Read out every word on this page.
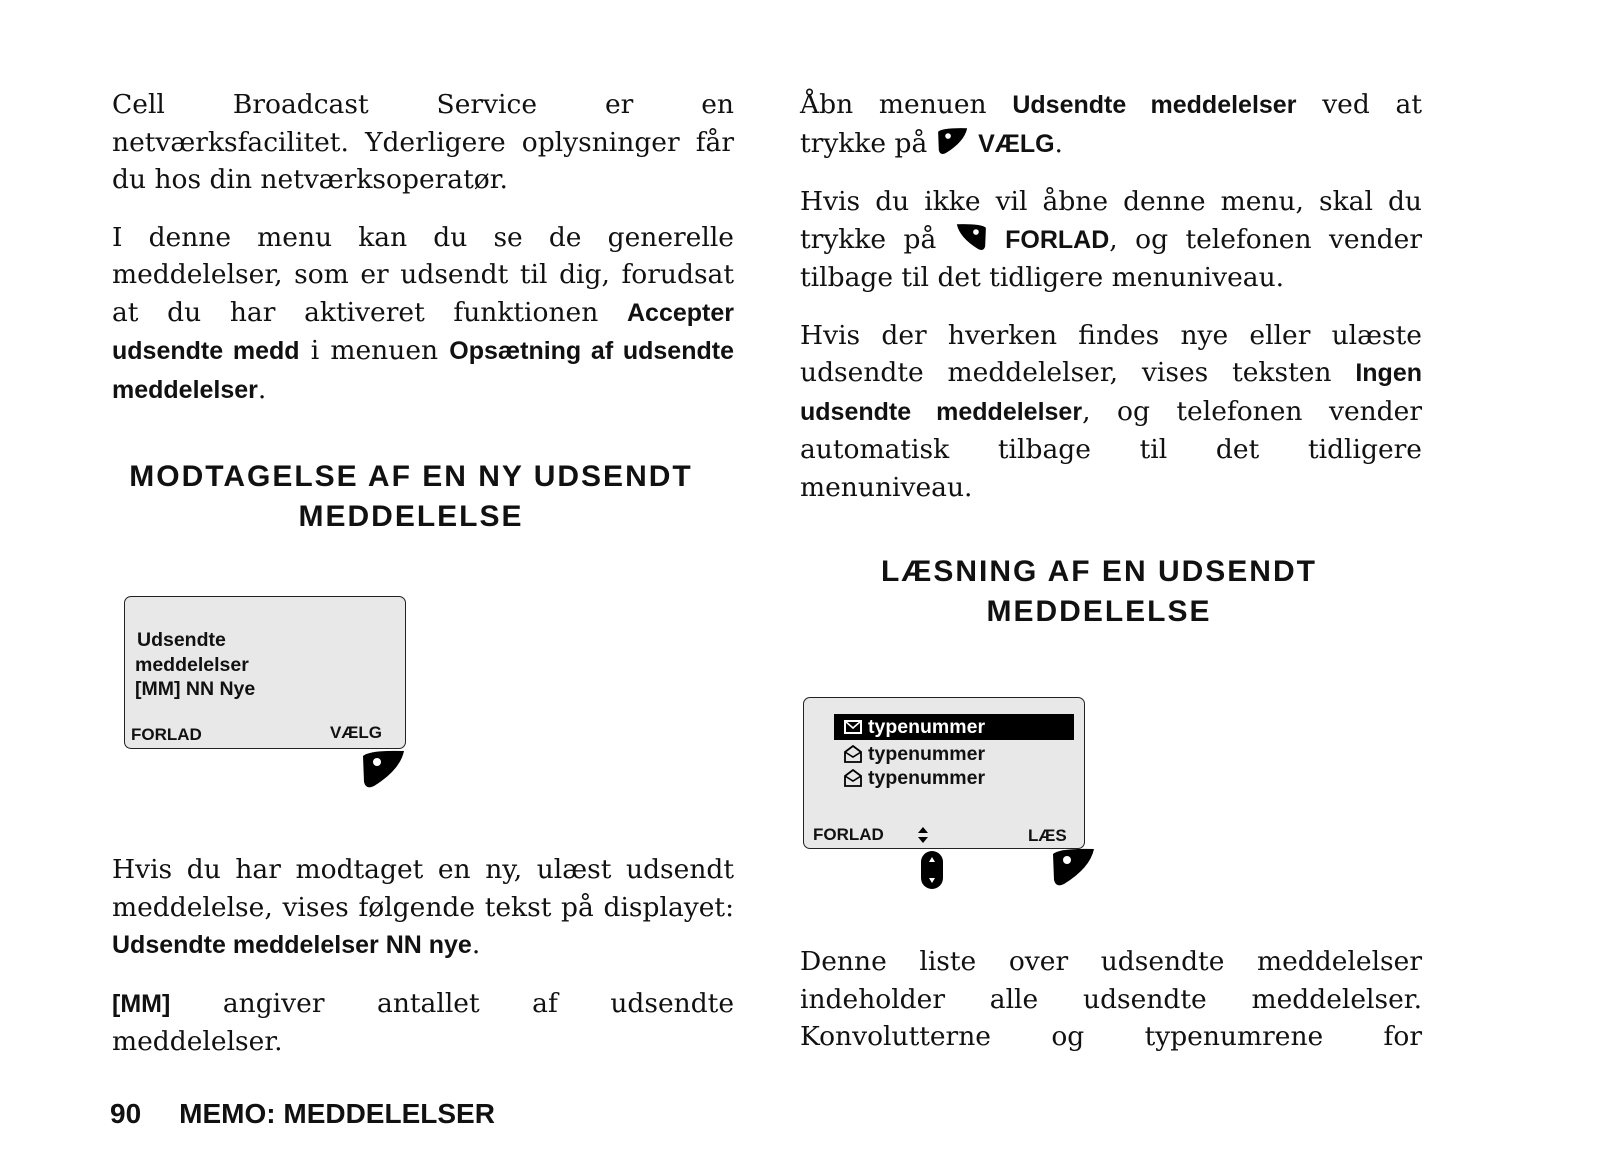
Cell Broadcast Service er en netværksfacilitet. Yderligere oplysninger får du hos din netværksoperatør.

I denne menu kan du se de generelle meddelelser, som er udsendt til dig, forudsat at du har aktiveret funktionen Accepter udsendte medd i menuen Opsætning af udsendte meddelelser.

MODTAGELSE AF EN NY UDSENDT
MEDDELELSE
Udsendte
meddelelser
[MM] NN Nye
FORLAD	VÆLG

Hvis du har modtaget en ny, ulæst udsendt meddelelse, vises følgende tekst på displayet: Udsendte meddelelser NN nye.

[MM] angiver antallet af udsendte meddelelser.

Åbn menuen Udsendte meddelelser ved at trykke på  VÆLG.

Hvis du ikke vil åbne denne menu, skal du trykke på  FORLAD, og telefonen vender tilbage til det tidligere menuniveau.

Hvis der hverken findes nye eller ulæste udsendte meddelelser, vises teksten Ingen udsendte meddelelser, og telefonen vender automatisk tilbage til det tidligere menuniveau.

LÆSNING AF EN UDSENDT
MEDDELELSE
typenummer
typenummer
typenummer
FORLAD	LÆS

Denne liste over udsendte meddelelser indeholder alle udsendte meddelelser. Konvolutterne og typenumrene for

90 MEMO: MEDDELELSER
